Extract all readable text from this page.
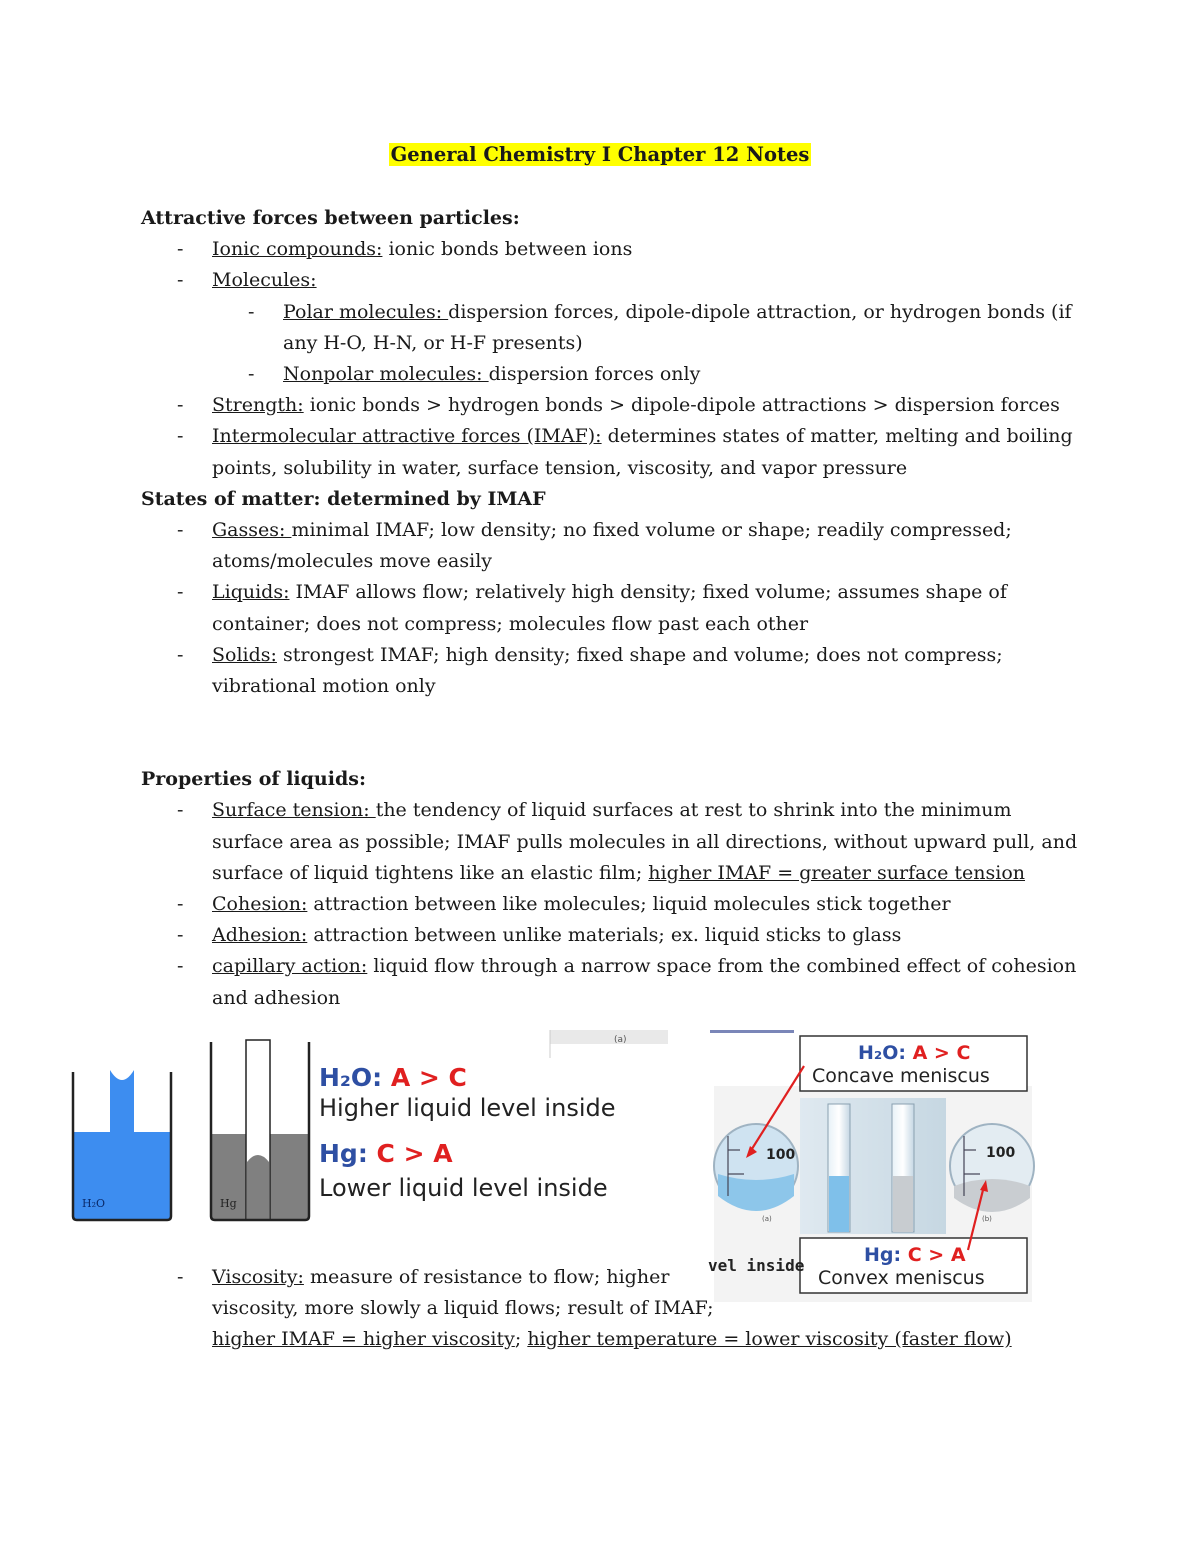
General Chemistry I Chapter 12 Notes
Attractive forces between particles:
- Ionic compounds: ionic bonds between ions
- Molecules:
- Polar molecules: dispersion forces, dipole-dipole attraction, or hydrogen bonds (if any H-O, H-N, or H-F presents)
- Nonpolar molecules: dispersion forces only
- Strength: ionic bonds > hydrogen bonds > dipole-dipole attractions > dispersion forces
- Intermolecular attractive forces (IMAF): determines states of matter, melting and boiling points, solubility in water, surface tension, viscosity, and vapor pressure
States of matter: determined by IMAF
- Gasses: minimal IMAF; low density; no fixed volume or shape; readily compressed; atoms/molecules move easily
- Liquids: IMAF allows flow; relatively high density; fixed volume; assumes shape of container; does not compress; molecules flow past each other
- Solids: strongest IMAF; high density; fixed shape and volume; does not compress; vibrational motion only
Properties of liquids:
- Surface tension: the tendency of liquid surfaces at rest to shrink into the minimum surface area as possible; IMAF pulls molecules in all directions, without upward pull, and surface of liquid tightens like an elastic film; higher IMAF = greater surface tension
- Cohesion: attraction between like molecules; liquid molecules stick together
- Adhesion: attraction between unlike materials; ex. liquid sticks to glass
- capillary action: liquid flow through a narrow space from the combined effect of cohesion and adhesion
(a)
H₂O	Hg
H₂O: A > C
Higher liquid level inside
Hg: C > A
Lower liquid level inside
100	100
(a)	(b)
H₂O: A > C
Concave meniscus
Hg: C > A
Convex meniscus
vel inside
- Viscosity: measure of resistance to flow; higher viscosity, more slowly a liquid flows; result of IMAF;
higher IMAF = higher viscosity; higher temperature = lower viscosity (faster flow)
